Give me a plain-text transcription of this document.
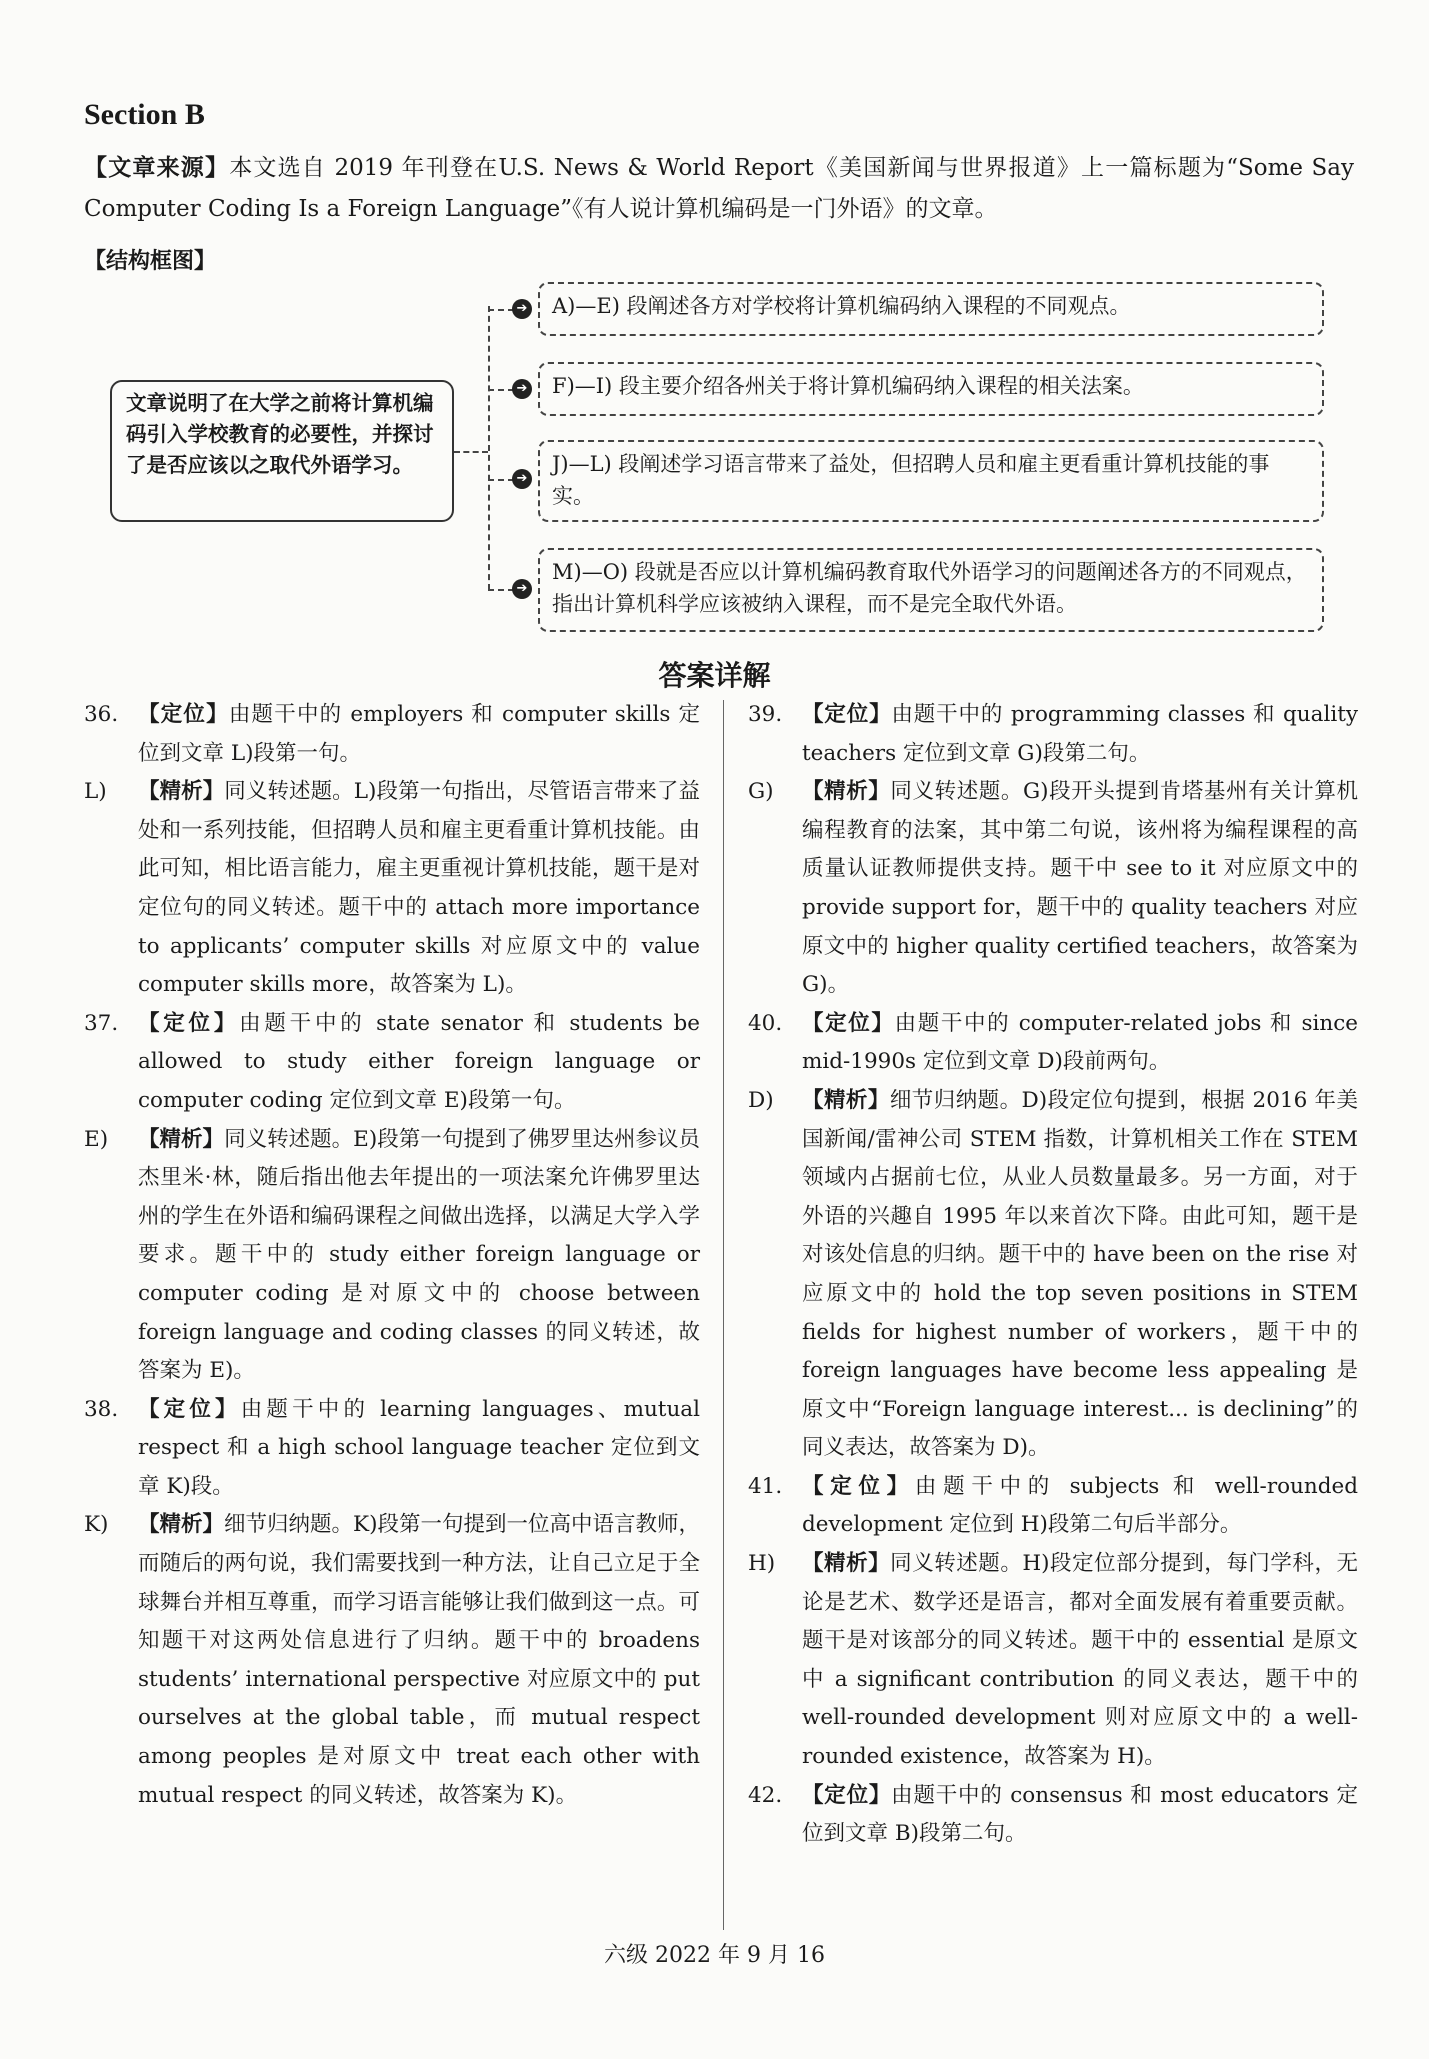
Section B
【文章来源】本文选自 2019 年刊登在U.S. News & World Report《美国新闻与世界报道》上一篇标题为“Some Say Computer Coding Is a Foreign Language”《有人说计算机编码是一门外语》的文章。
【结构框图】
文章说明了在大学之前将计算机编码引入学校教育的必要性，并探讨了是否应该以之取代外语学习。
➔	A)—E) 段阐述各方对学校将计算机编码纳入课程的不同观点。
➔	F)—I) 段主要介绍各州关于将计算机编码纳入课程的相关法案。
➔
J)—L) 段阐述学习语言带来了益处，但招聘人员和雇主更看重计算机技能的事实。
➔
M)—O) 段就是否应以计算机编码教育取代外语学习的问题阐述各方的不同观点，指出计算机科学应该被纳入课程，而不是完全取代外语。
答案详解
36. 【定位】由题干中的 employers 和 computer skills 定位到文章 L)段第一句。
L) 【精析】同义转述题。L)段第一句指出，尽管语言带来了益处和一系列技能，但招聘人员和雇主更看重计算机技能。由此可知，相比语言能力，雇主更重视计算机技能，题干是对定位句的同义转述。题干中的 attach more importance to applicants’ computer skills 对应原文中的 value computer skills more，故答案为 L)。
37. 【定位】由题干中的 state senator 和 students be allowed to study either foreign language or computer coding 定位到文章 E)段第一句。
E) 【精析】同义转述题。E)段第一句提到了佛罗里达州参议员杰里米·林，随后指出他去年提出的一项法案允许佛罗里达州的学生在外语和编码课程之间做出选择，以满足大学入学要求。题干中的 study either foreign language or computer coding 是对原文中的 choose between foreign language and coding classes 的同义转述，故答案为 E)。
38. 【定位】由题干中的 learning languages、mutual respect 和 a high school language teacher 定位到文章 K)段。
K) 【精析】细节归纳题。K)段第一句提到一位高中语言教师，而随后的两句说，我们需要找到一种方法，让自己立足于全球舞台并相互尊重，而学习语言能够让我们做到这一点。可知题干对这两处信息进行了归纳。题干中的 broadens students’ international perspective 对应原文中的 put ourselves at the global table，而 mutual respect among peoples 是对原文中 treat each other with mutual respect 的同义转述，故答案为 K)。
39. 【定位】由题干中的 programming classes 和 quality teachers 定位到文章 G)段第二句。
G) 【精析】同义转述题。G)段开头提到肯塔基州有关计算机编程教育的法案，其中第二句说，该州将为编程课程的高质量认证教师提供支持。题干中 see to it 对应原文中的 provide support for，题干中的 quality teachers 对应原文中的 higher quality certified teachers，故答案为 G)。
40. 【定位】由题干中的 computer-related jobs 和 since mid-1990s 定位到文章 D)段前两句。
D) 【精析】细节归纳题。D)段定位句提到，根据 2016 年美国新闻/雷神公司 STEM 指数，计算机相关工作在 STEM 领域内占据前七位，从业人员数量最多。另一方面，对于外语的兴趣自 1995 年以来首次下降。由此可知，题干是对该处信息的归纳。题干中的 have been on the rise 对应原文中的 hold the top seven positions in STEM fields for highest number of workers，题干中的 foreign languages have become less appealing 是原文中“Foreign language interest... is declining”的同义表达，故答案为 D)。
41. 【定位】由题干中的 subjects 和 well-rounded development 定位到 H)段第二句后半部分。
H) 【精析】同义转述题。H)段定位部分提到，每门学科，无论是艺术、数学还是语言，都对全面发展有着重要贡献。题干是对该部分的同义转述。题干中的 essential 是原文中 a significant contribution 的同义表达，题干中的 well-rounded development 则对应原文中的 a well-rounded existence，故答案为 H)。
42. 【定位】由题干中的 consensus 和 most educators 定位到文章 B)段第二句。
六级 2022 年 9 月 16
